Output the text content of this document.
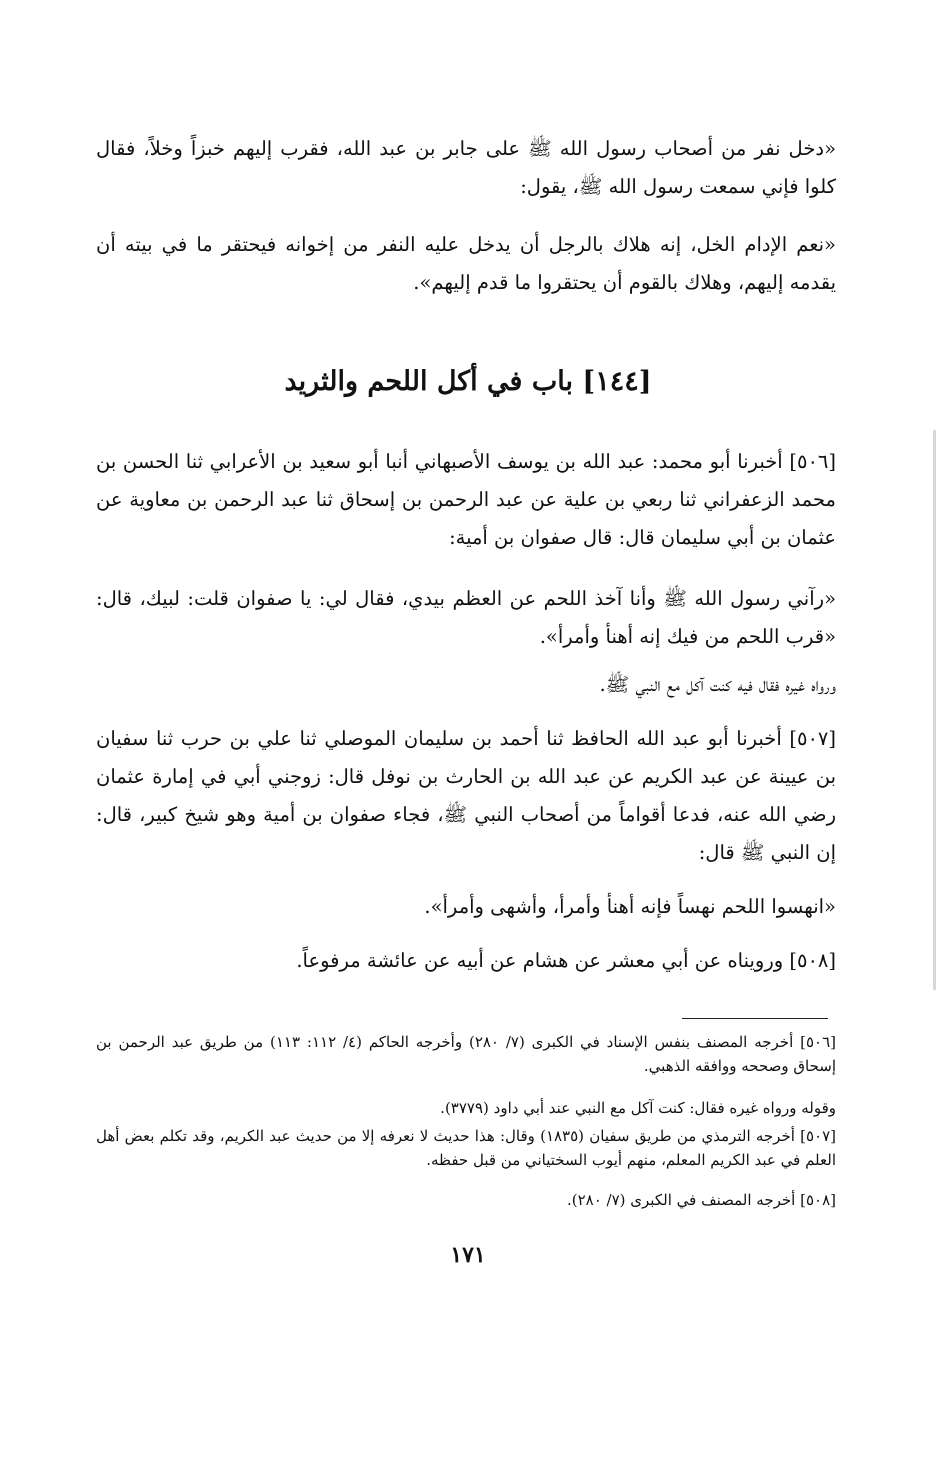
«دخل نفر من أصحاب رسول الله ﷺ على جابر بن عبد الله، فقرب إليهم خبزاً وخلاً، فقال كلوا فإني سمعت رسول الله ﷺ، يقول:

«نعم الإدام الخل، إنه هلاك بالرجل أن يدخل عليه النفر من إخوانه فيحتقر ما في بيته أن يقدمه إليهم، وهلاك بالقوم أن يحتقروا ما قدم إليهم».

[١٤٤] باب في أكل اللحم والثريد

[٥٠٦] أخبرنا أبو محمد: عبد الله بن يوسف الأصبهاني أنبا أبو سعيد بن الأعرابي ثنا الحسن بن محمد الزعفراني ثنا ربعي بن علية عن عبد الرحمن بن إسحاق ثنا عبد الرحمن بن معاوية عن عثمان بن أبي سليمان قال: قال صفوان بن أمية:

«رآني رسول الله ﷺ وأنا آخذ اللحم عن العظم بيدي، فقال لي: يا صفوان قلت: لبيك، قال: «قرب اللحم من فيك إنه أهنأ وأمرأ».

ورواه غيره فقال فيه كنت آكل مع النبي ﷺ.

[٥٠٧] أخبرنا أبو عبد الله الحافظ ثنا أحمد بن سليمان الموصلي ثنا علي بن حرب ثنا سفيان بن عيينة عن عبد الكريم عن عبد الله بن الحارث بن نوفل قال: زوجني أبي في إمارة عثمان رضي الله عنه، فدعا أقواماً من أصحاب النبي ﷺ، فجاء صفوان بن أمية وهو شيخ كبير، قال: إن النبي ﷺ قال:

«انهسوا اللحم نهساً فإنه أهنأ وأمرأ، وأشهى وأمرأ».

[٥٠٨] ورويناه عن أبي معشر عن هشام عن أبيه عن عائشة مرفوعاً.

[٥٠٦] أخرجه المصنف بنفس الإسناد في الكبرى (٧/ ٢٨٠) وأخرجه الحاكم (٤/ ١١٢: ١١٣) من طريق عبد الرحمن بن إسحاق وصححه ووافقه الذهبي.

وقوله ورواه غيره فقال: كنت آكل مع النبي عند أبي داود (٣٧٧٩).

[٥٠٧] أخرجه الترمذي من طريق سفيان (١٨٣٥) وقال: هذا حديث لا نعرفه إلا من حديث عبد الكريم، وقد تكلم بعض أهل العلم في عبد الكريم المعلم، منهم أيوب السختياني من قبل حفظه.

[٥٠٨] أخرجه المصنف في الكبرى (٧/ ٢٨٠).

١٧١
